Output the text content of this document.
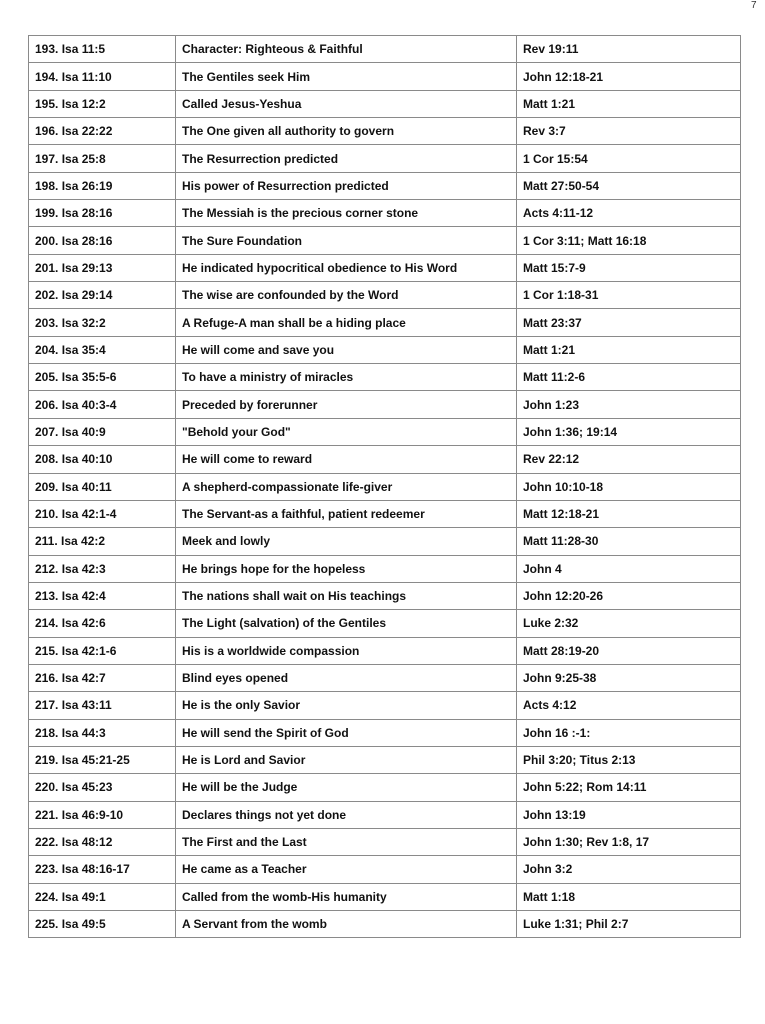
7
193. Isa 11:5	Character: Righteous & Faithful	Rev 19:11
194. Isa 11:10	The Gentiles seek Him	John 12:18-21
195. Isa 12:2	Called Jesus-Yeshua	Matt 1:21
196. Isa 22:22	The One given all authority to govern	Rev 3:7
197. Isa 25:8	The Resurrection predicted	1 Cor 15:54
198. Isa 26:19	His power of Resurrection predicted	Matt 27:50-54
199. Isa 28:16	The Messiah is the precious corner stone	Acts 4:11-12
200. Isa 28:16	The Sure Foundation	1 Cor 3:11; Matt 16:18
201. Isa 29:13	He indicated hypocritical obedience to His Word	Matt 15:7-9
202. Isa 29:14	The wise are confounded by the Word	1 Cor 1:18-31
203. Isa 32:2	A Refuge-A man shall be a hiding place	Matt 23:37
204. Isa 35:4	He will come and save you	Matt 1:21
205. Isa 35:5-6	To have a ministry of miracles	Matt 11:2-6
206. Isa 40:3-4	Preceded by forerunner	John 1:23
207. Isa 40:9	"Behold your God"	John 1:36; 19:14
208. Isa 40:10	He will come to reward	Rev 22:12
209. Isa 40:11	A shepherd-compassionate life-giver	John 10:10-18
210. Isa 42:1-4	The Servant-as a faithful, patient redeemer	Matt 12:18-21
211. Isa 42:2	Meek and lowly	Matt 11:28-30
212. Isa 42:3	He brings hope for the hopeless	John 4
213. Isa 42:4	The nations shall wait on His teachings	John 12:20-26
214. Isa 42:6	The Light (salvation) of the Gentiles	Luke 2:32
215. Isa 42:1-6	His is a worldwide compassion	Matt 28:19-20
216. Isa 42:7	Blind eyes opened	John 9:25-38
217. Isa 43:11	He is the only Savior	Acts 4:12
218. Isa 44:3	He will send the Spirit of God	John 16 :-1:
219. Isa 45:21-25	He is Lord and Savior	Phil 3:20; Titus 2:13
220. Isa 45:23	He will be the Judge	John 5:22; Rom 14:11
221. Isa 46:9-10	Declares things not yet done	John 13:19
222. Isa 48:12	The First and the Last	John 1:30; Rev 1:8, 17
223. Isa 48:16-17	He came as a Teacher	John 3:2
224. Isa 49:1	Called from the womb-His humanity	Matt 1:18
225. Isa 49:5	A Servant from the womb	Luke 1:31; Phil 2:7
